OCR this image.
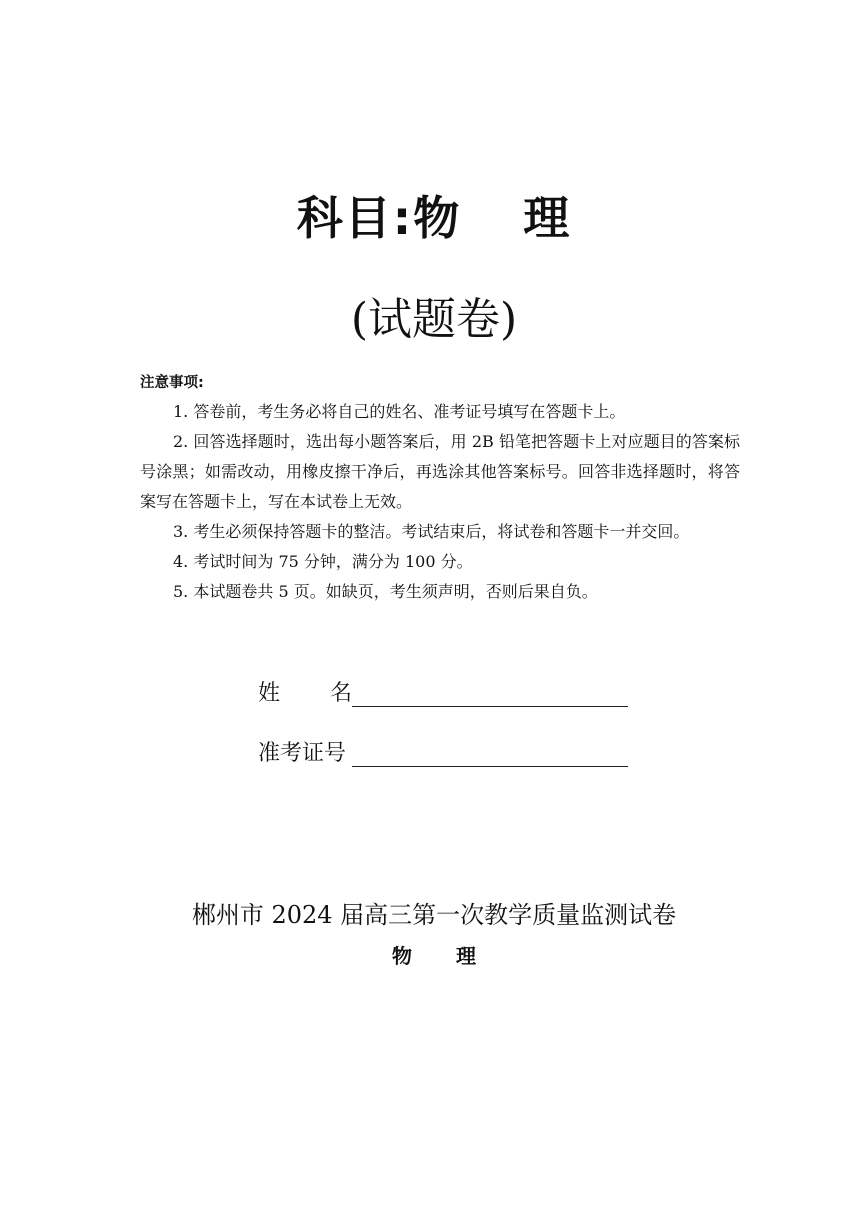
科目:物 理
(试题卷)
注意事项:

1. 答卷前，考生务必将自己的姓名、准考证号填写在答题卡上。

2. 回答选择题时，选出每小题答案后，用 2B 铅笔把答题卡上对应题目的答案标号涂黑；如需改动，用橡皮擦干净后，再选涂其他答案标号。回答非选择题时，将答案写在答题卡上，写在本试卷上无效。

3. 考生必须保持答题卡的整洁。考试结束后，将试卷和答题卡一并交回。

4. 考试时间为 75 分钟，满分为 100 分。

5. 本试题卷共 5 页。如缺页，考生须声明，否则后果自负。

姓 名
准考证号
郴州市 2024 届高三第一次教学质量监测试卷
物 理
